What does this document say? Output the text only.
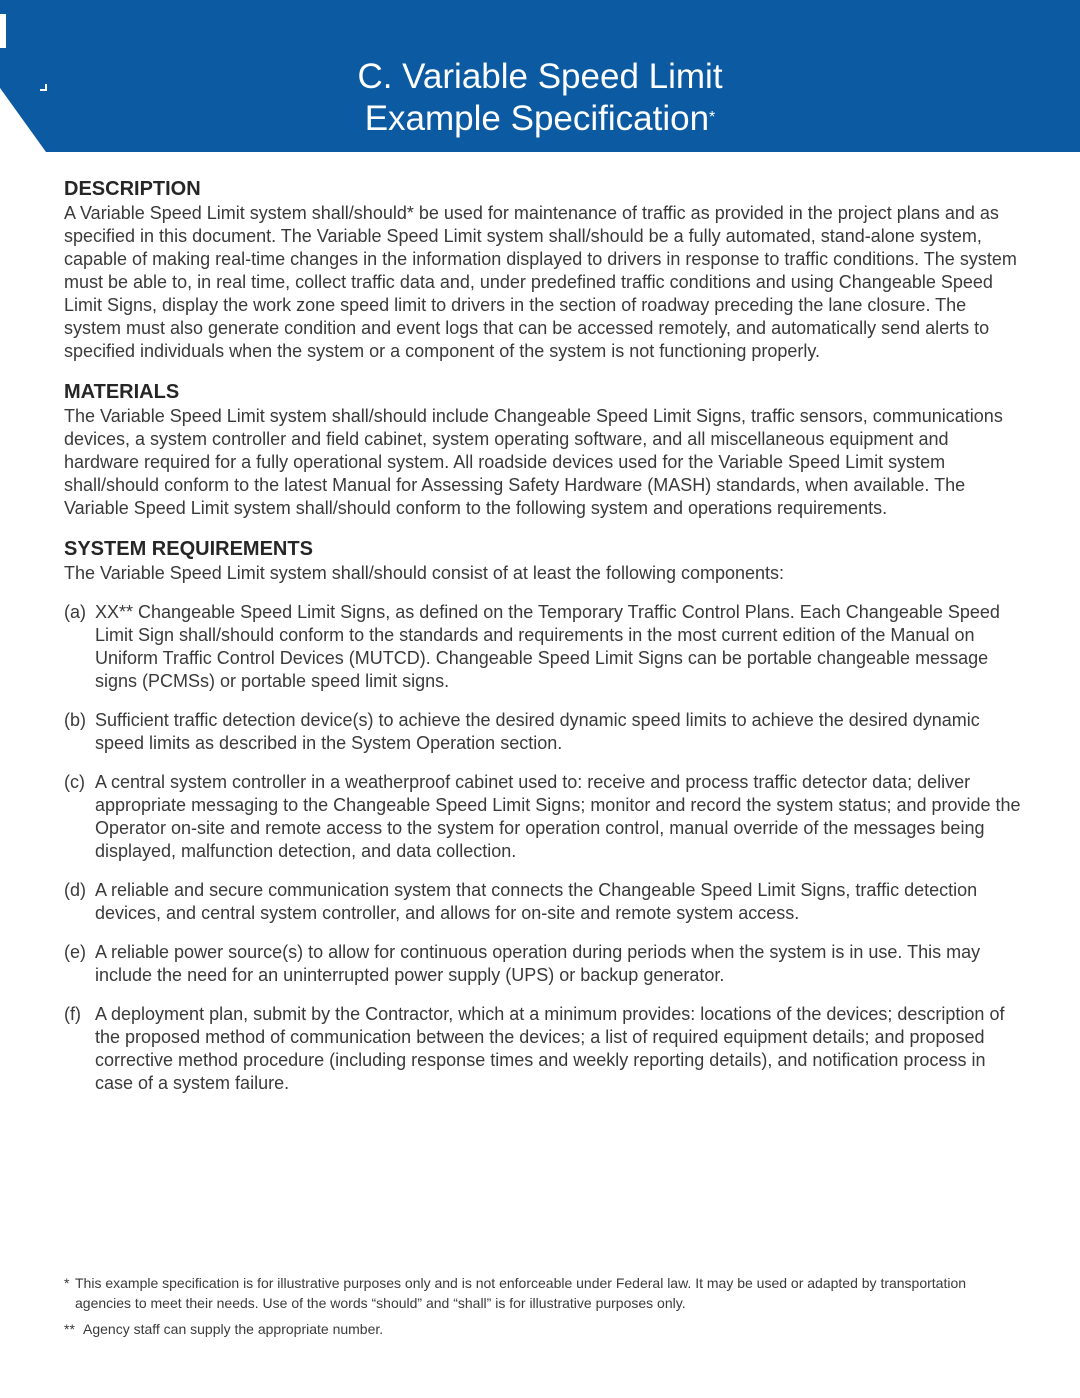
C. Variable Speed Limit
Example Specification*
DESCRIPTION

A Variable Speed Limit system shall/should* be used for maintenance of traffic as provided in the project plans and as specified in this document. The Variable Speed Limit system shall/should be a fully automated, stand-alone system, capable of making real-time changes in the information displayed to drivers in response to traffic conditions. The system must be able to, in real time, collect traffic data and, under predefined traffic conditions and using Changeable Speed Limit Signs, display the work zone speed limit to drivers in the section of roadway preceding the lane closure. The system must also generate condition and event logs that can be accessed remotely, and automatically send alerts to specified individuals when the system or a component of the system is not functioning properly.

MATERIALS

The Variable Speed Limit system shall/should include Changeable Speed Limit Signs, traffic sensors, communications devices, a system controller and field cabinet, system operating software, and all miscellaneous equipment and hardware required for a fully operational system. All roadside devices used for the Variable Speed Limit system shall/should conform to the latest Manual for Assessing Safety Hardware (MASH) standards, when available. The Variable Speed Limit system shall/should conform to the following system and operations requirements.

SYSTEM REQUIREMENTS

The Variable Speed Limit system shall/should consist of at least the following components:

(a) XX** Changeable Speed Limit Signs, as defined on the Temporary Traffic Control Plans. Each Changeable Speed Limit Sign shall/should conform to the standards and requirements in the most current edition of the Manual on Uniform Traffic Control Devices (MUTCD). Changeable Speed Limit Signs can be portable changeable message signs (PCMSs) or portable speed limit signs.
(b) Sufficient traffic detection device(s) to achieve the desired dynamic speed limits to achieve the desired dynamic speed limits as described in the System Operation section.
(c) A central system controller in a weatherproof cabinet used to: receive and process traffic detector data; deliver appropriate messaging to the Changeable Speed Limit Signs; monitor and record the system status; and provide the Operator on-site and remote access to the system for operation control, manual override of the messages being displayed, malfunction detection, and data collection.
(d) A reliable and secure communication system that connects the Changeable Speed Limit Signs, traffic detection devices, and central system controller, and allows for on-site and remote system access.
(e) A reliable power source(s) to allow for continuous operation during periods when the system is in use. This may include the need for an uninterrupted power supply (UPS) or backup generator.
(f) A deployment plan, submit by the Contractor, which at a minimum provides: locations of the devices; description of the proposed method of communication between the devices; a list of required equipment details; and proposed corrective method procedure (including response times and weekly reporting details), and notification process in case of a system failure.
* This example specification is for illustrative purposes only and is not enforceable under Federal law. It may be used or adapted by transportation agencies to meet their needs. Use of the words “should” and “shall” is for illustrative purposes only.
** Agency staff can supply the appropriate number.
